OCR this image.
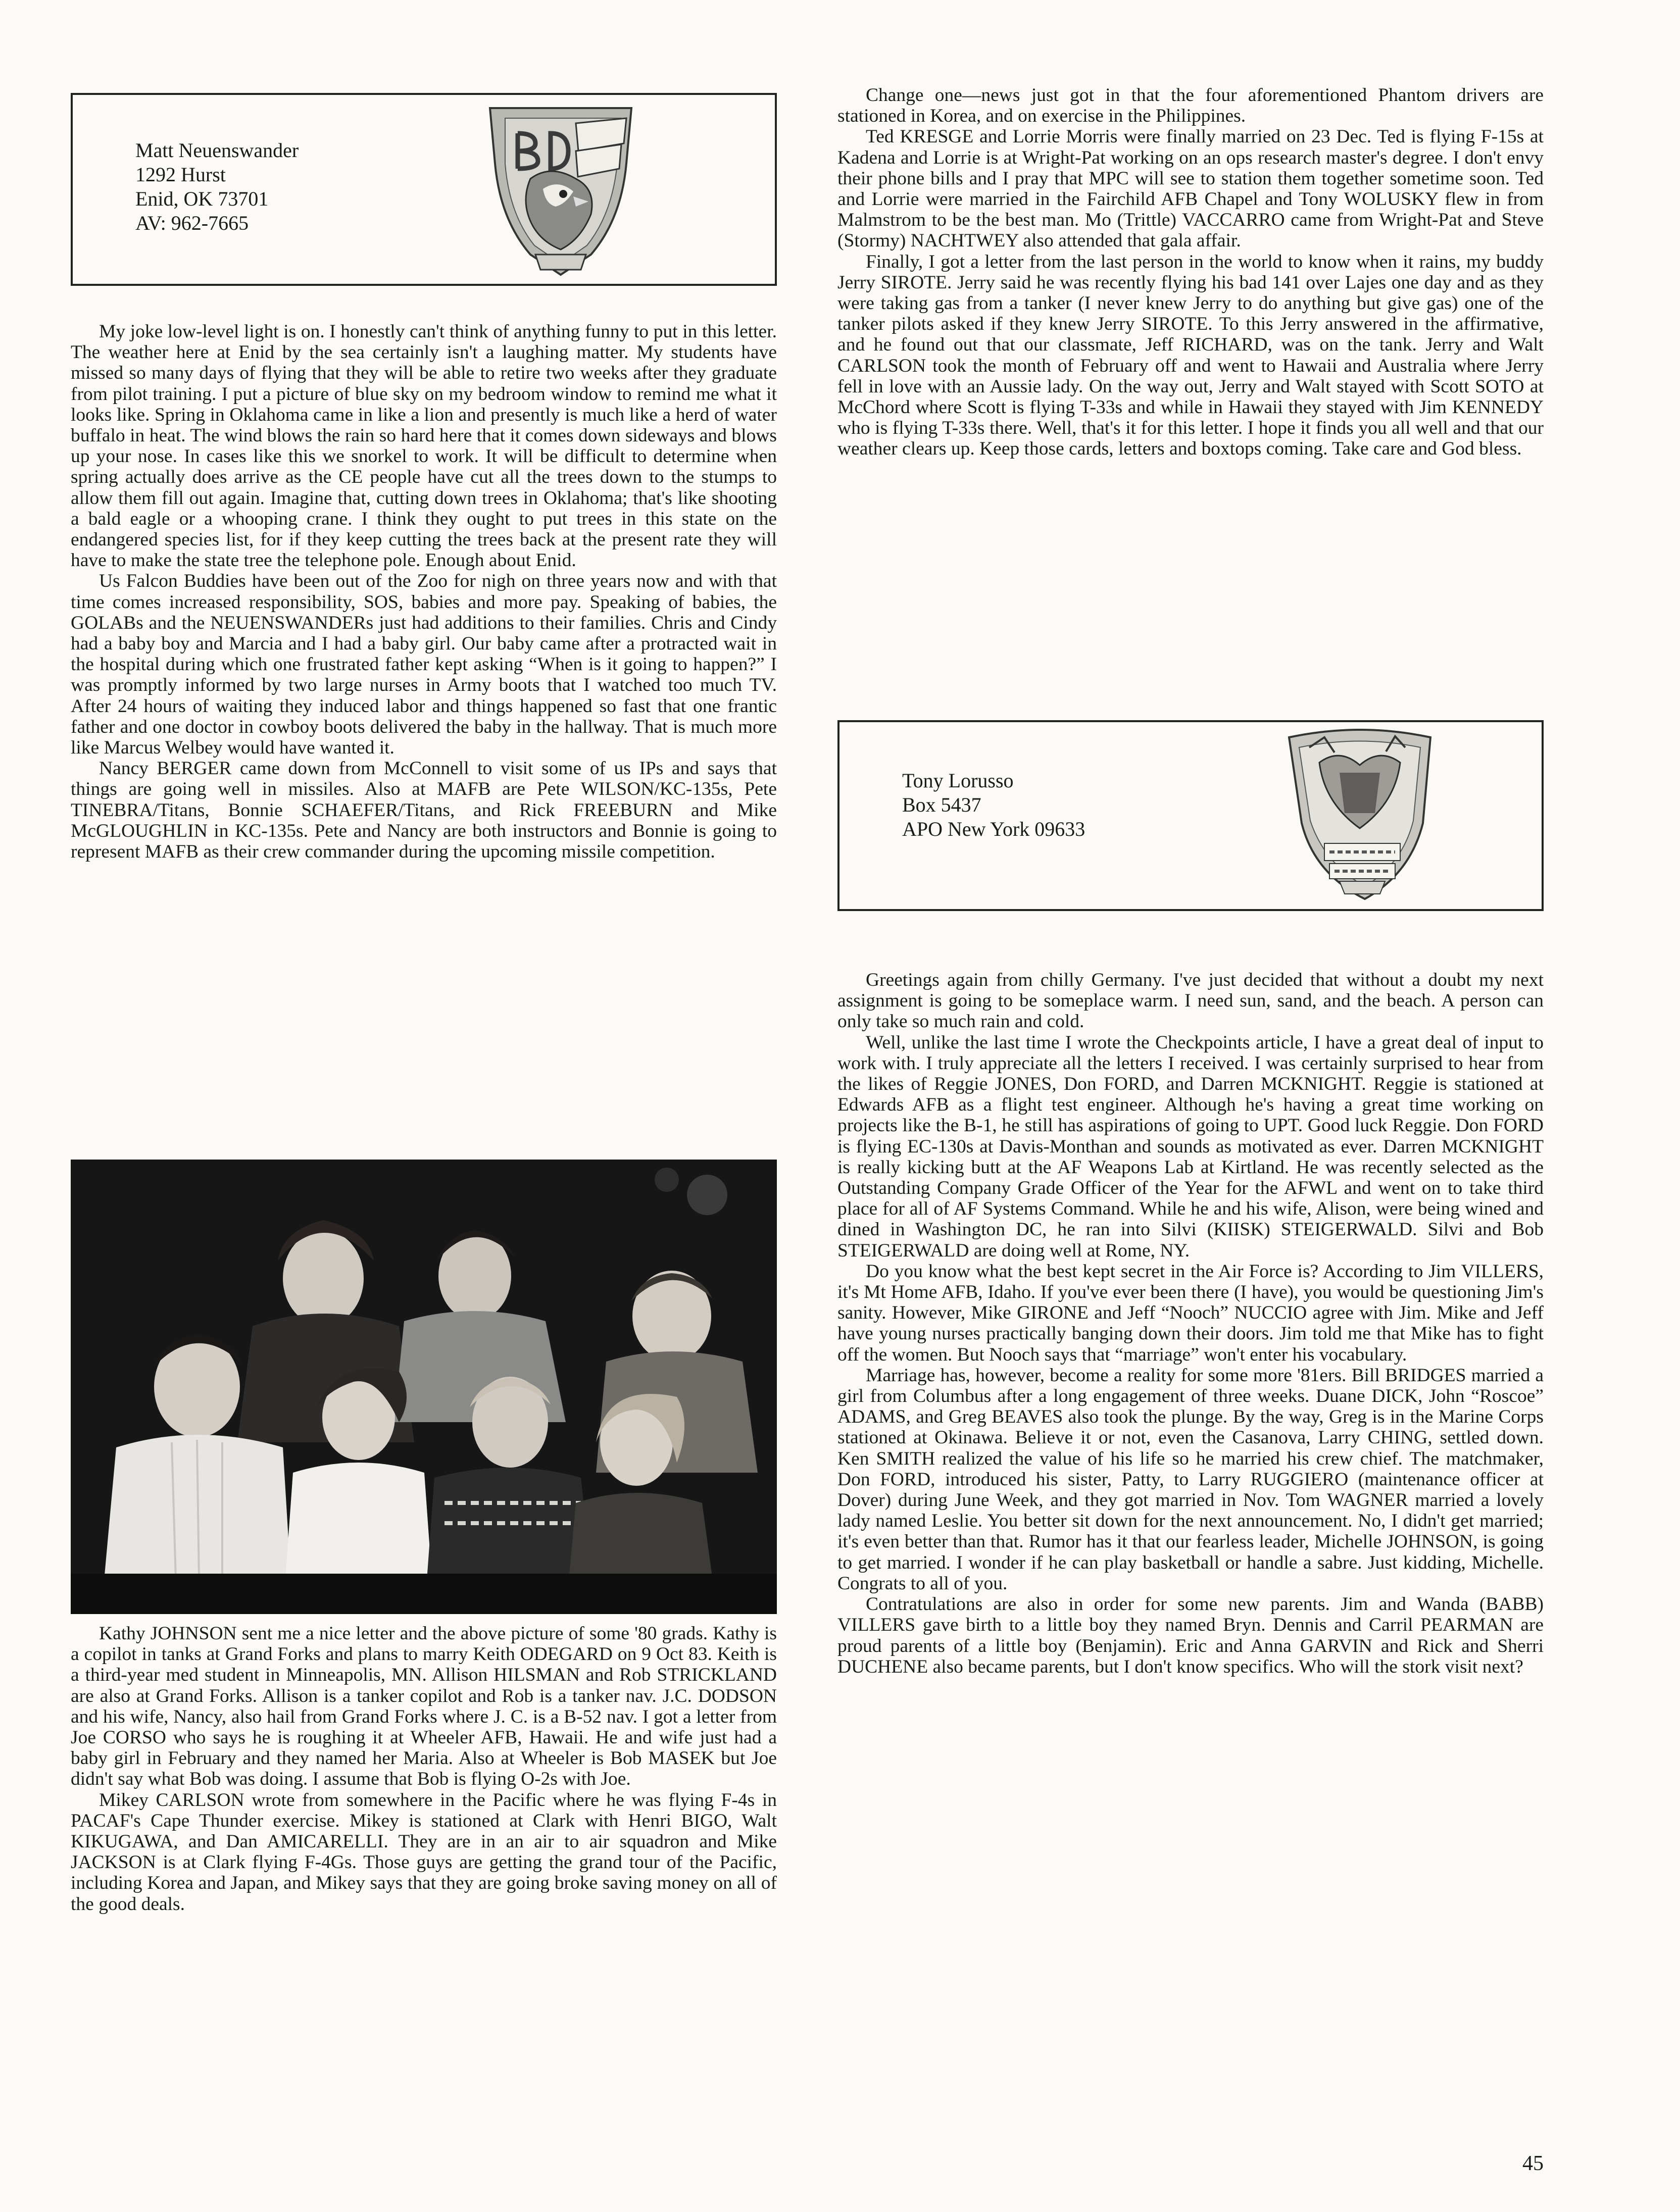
Matt Neuenswander
1292 Hurst
Enid, OK 73701
AV: 962-7665

My joke low-level light is on. I honestly can't think of anything funny to put in this letter. The weather here at Enid by the sea certainly isn't a laughing matter. My students have missed so many days of flying that they will be able to retire two weeks after they graduate from pilot training. I put a picture of blue sky on my bedroom window to remind me what it looks like. Spring in Oklahoma came in like a lion and presently is much like a herd of water buffalo in heat. The wind blows the rain so hard here that it comes down sideways and blows up your nose. In cases like this we snorkel to work. It will be difficult to determine when spring actually does arrive as the CE people have cut all the trees down to the stumps to allow them fill out again. Imagine that, cutting down trees in Oklahoma; that's like shooting a bald eagle or a whooping crane. I think they ought to put trees in this state on the endangered species list, for if they keep cutting the trees back at the present rate they will have to make the state tree the telephone pole. Enough about Enid.

Us Falcon Buddies have been out of the Zoo for nigh on three years now and with that time comes increased responsibility, SOS, babies and more pay. Speaking of babies, the GOLABs and the NEUENSWANDERs just had additions to their families. Chris and Cindy had a baby boy and Marcia and I had a baby girl. Our baby came after a protracted wait in the hospital during which one frustrated father kept asking “When is it going to happen?” I was promptly informed by two large nurses in Army boots that I watched too much TV. After 24 hours of waiting they induced labor and things happened so fast that one frantic father and one doctor in cowboy boots delivered the baby in the hallway. That is much more like Marcus Welbey would have wanted it.

Nancy BERGER came down from McConnell to visit some of us IPs and says that things are going well in missiles. Also at MAFB are Pete WILSON/KC-135s, Pete TINEBRA/Titans, Bonnie SCHAEFER/Titans, and Rick FREEBURN and Mike McGLOUGHLIN in KC-135s. Pete and Nancy are both instructors and Bonnie is going to represent MAFB as their crew commander during the upcoming missile competition.

Kathy JOHNSON sent me a nice letter and the above picture of some '80 grads. Kathy is a copilot in tanks at Grand Forks and plans to marry Keith ODEGARD on 9 Oct 83. Keith is a third-year med student in Minneapolis, MN. Allison HILSMAN and Rob STRICKLAND are also at Grand Forks. Allison is a tanker copilot and Rob is a tanker nav. J.C. DODSON and his wife, Nancy, also hail from Grand Forks where J. C. is a B-52 nav. I got a letter from Joe CORSO who says he is roughing it at Wheeler AFB, Hawaii. He and wife just had a baby girl in February and they named her Maria. Also at Wheeler is Bob MASEK but Joe didn't say what Bob was doing. I assume that Bob is flying O-2s with Joe.

Mikey CARLSON wrote from somewhere in the Pacific where he was flying F-4s in PACAF's Cape Thunder exercise. Mikey is stationed at Clark with Henri BIGO, Walt KIKUGAWA, and Dan AMICARELLI. They are in an air to air squadron and Mike JACKSON is at Clark flying F-4Gs. Those guys are getting the grand tour of the Pacific, including Korea and Japan, and Mikey says that they are going broke saving money on all of the good deals.

Change one—news just got in that the four aforementioned Phantom drivers are stationed in Korea, and on exercise in the Philippines.

Ted KRESGE and Lorrie Morris were finally married on 23 Dec. Ted is flying F-15s at Kadena and Lorrie is at Wright-Pat working on an ops research master's degree. I don't envy their phone bills and I pray that MPC will see to station them together sometime soon. Ted and Lorrie were married in the Fairchild AFB Chapel and Tony WOLUSKY flew in from Malmstrom to be the best man. Mo (Trittle) VACCARRO came from Wright-Pat and Steve (Stormy) NACHTWEY also attended that gala affair.

Finally, I got a letter from the last person in the world to know when it rains, my buddy Jerry SIROTE. Jerry said he was recently flying his bad 141 over Lajes one day and as they were taking gas from a tanker (I never knew Jerry to do anything but give gas) one of the tanker pilots asked if they knew Jerry SIROTE. To this Jerry answered in the affirmative, and he found out that our classmate, Jeff RICHARD, was on the tank. Jerry and Walt CARLSON took the month of February off and went to Hawaii and Australia where Jerry fell in love with an Aussie lady. On the way out, Jerry and Walt stayed with Scott SOTO at McChord where Scott is flying T-33s and while in Hawaii they stayed with Jim KENNEDY who is flying T-33s there. Well, that's it for this letter. I hope it finds you all well and that our weather clears up. Keep those cards, letters and boxtops coming. Take care and God bless.

Tony Lorusso
Box 5437
APO New York 09633

Greetings again from chilly Germany. I've just decided that without a doubt my next assignment is going to be someplace warm. I need sun, sand, and the beach. A person can only take so much rain and cold.

Well, unlike the last time I wrote the Checkpoints article, I have a great deal of input to work with. I truly appreciate all the letters I received. I was certainly surprised to hear from the likes of Reggie JONES, Don FORD, and Darren MCKNIGHT. Reggie is stationed at Edwards AFB as a flight test engineer. Although he's having a great time working on projects like the B-1, he still has aspirations of going to UPT. Good luck Reggie. Don FORD is flying EC-130s at Davis-Monthan and sounds as motivated as ever. Darren MCKNIGHT is really kicking butt at the AF Weapons Lab at Kirtland. He was recently selected as the Outstanding Company Grade Officer of the Year for the AFWL and went on to take third place for all of AF Systems Command. While he and his wife, Alison, were being wined and dined in Washington DC, he ran into Silvi (KIISK) STEIGERWALD. Silvi and Bob STEIGERWALD are doing well at Rome, NY.

Do you know what the best kept secret in the Air Force is? According to Jim VILLERS, it's Mt Home AFB, Idaho. If you've ever been there (I have), you would be questioning Jim's sanity. However, Mike GIRONE and Jeff “Nooch” NUCCIO agree with Jim. Mike and Jeff have young nurses practically banging down their doors. Jim told me that Mike has to fight off the women. But Nooch says that “marriage” won't enter his vocabulary.

Marriage has, however, become a reality for some more '81ers. Bill BRIDGES married a girl from Columbus after a long engagement of three weeks. Duane DICK, John “Roscoe” ADAMS, and Greg BEAVES also took the plunge. By the way, Greg is in the Marine Corps stationed at Okinawa. Believe it or not, even the Casanova, Larry CHING, settled down. Ken SMITH realized the value of his life so he married his crew chief. The matchmaker, Don FORD, introduced his sister, Patty, to Larry RUGGIERO (maintenance officer at Dover) during June Week, and they got married in Nov. Tom WAGNER married a lovely lady named Leslie. You better sit down for the next announcement. No, I didn't get married; it's even better than that. Rumor has it that our fearless leader, Michelle JOHNSON, is going to get married. I wonder if he can play basketball or handle a sabre. Just kidding, Michelle. Congrats to all of you.

Contratulations are also in order for some new parents. Jim and Wanda (BABB) VILLERS gave birth to a little boy they named Bryn. Dennis and Carril PEARMAN are proud parents of a little boy (Benjamin). Eric and Anna GARVIN and Rick and Sherri DUCHENE also became parents, but I don't know specifics. Who will the stork visit next?

45
